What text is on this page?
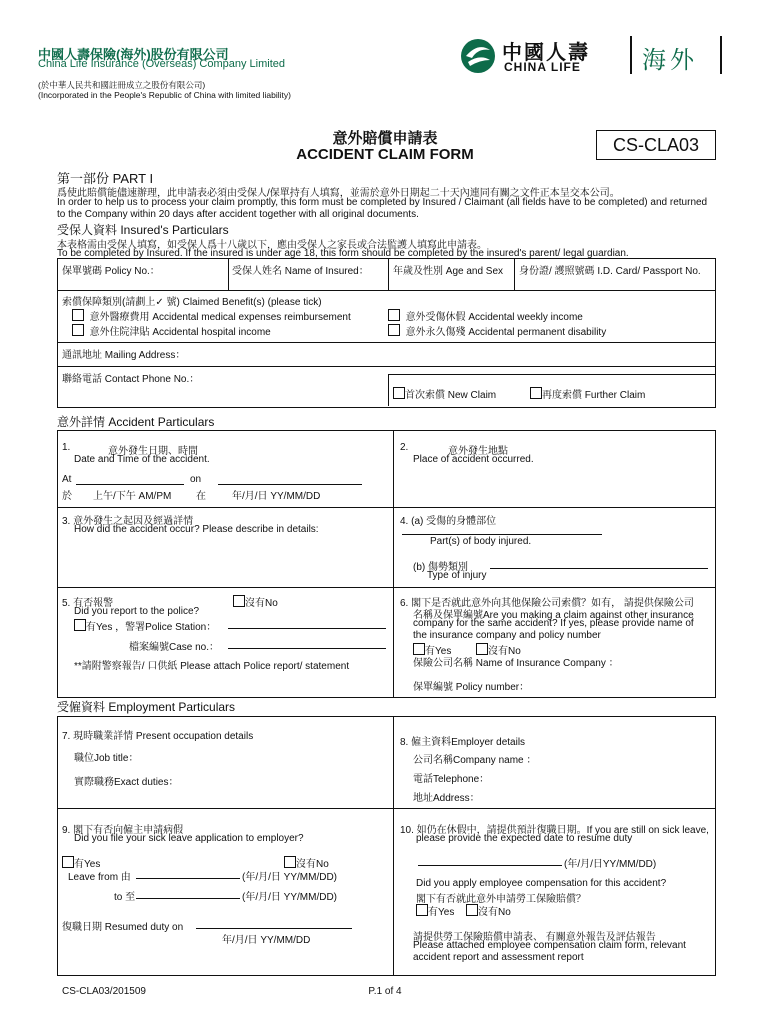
中國人壽保險(海外)股份有限公司
China Life Insurance (Overseas) Company Limited
(於中華人民共和國註冊成立之股份有限公司)
(Incorporated in the People's Republic of China with limited liability)
中國人壽
CHINA LIFE	海外
意外賠償申請表
ACCIDENT CLAIM FORM	CS-CLA03
第一部份 PART I
爲使此賠償能儘速辦理，此申請表必須由受保人/保單持有人填寫，並需於意外日期起二十天內連同有關之文件正本呈交本公司。
In order to help us to process your claim promptly, this form must be completed by Insured / Claimant (all fields have to be completed) and returned
to the Company within 20 days after accident together with all original documents.
受保人資料 Insured's Particulars
本表格需由受保人填寫，如受保人爲十八歲以下，應由受保人之家長或合法監護人填寫此申請表。
To be completed by Insured. If the insured is under age 18, this form should be completed by the insured's parent/ legal guardian.
保單號碼 Policy No.：	受保人姓名 Name of Insured： 年歲及性別 Age and Sex 身份證/ 護照號碼 I.D. Card/ Passport No.
索償保障類別(請劃上✓ 號) Claimed Benefit(s) (please tick)
意外醫療費用 Accidental medical expenses reimbursement
意外住院津貼 Accidental hospital income
意外受傷休假 Accidental weekly income
意外永久傷殘 Accidental permanent disability
通訊地址 Mailing Address：
聯絡電話 Contact Phone No.：
首次索償 New Claim	再度索償 Further Claim
意外詳情 Accident Particulars
1.	意外發生日期、時間
Date and Time of the accident.
At	on
於 上午/下午 AM/PM 在	年/月/日 YY/MM/DD
2.	意外發生地點
Place of accident occurred.
3. 意外發生之起因及經過詳情
How did the accident occur? Please describe in details:
4. (a) 受傷的身體部位
Part(s) of body injured.
(b) 傷勢類別
Type of injury
5. 有否報警	沒有No
Did you report to the police?
有Yes ，警署Police Station：
檔案編號Case no.：
**請附警察報告/ 口供紙 Please attach Police report/ statement
6. 閣下是否就此意外向其他保險公司索償？如有， 請提供保險公司
名稱及保單編號Are you making a claim against other insurance
company for the same accident? If yes, please provide name of
the insurance company and policy number
有Yes	沒有No
保險公司名稱 Name of Insurance Company ：
保單編號 Policy number：
受僱資料 Employment Particulars
7. 現時職業詳情 Present occupation details
職位Job title：
實際職務Exact duties：
8. 僱主資料Employer details
公司名稱Company name ：
電話Telephone：
地址Address：
9. 閣下有否向僱主申請病假
Did you file your sick leave application to employer?
有Yes	沒有No
Leave from 由	(年/月/日 YY/MM/DD)
to 至	(年/月/日 YY/MM/DD)
復職日期 Resumed duty on
年/月/日 YY/MM/DD
10. 如仍在休假中，請提供預計復職日期。If you are still on sick leave,
please provide the expected date to resume duty
(年/月/日YY/MM/DD)
Did you apply employee compensation for this accident?
閣下有否就此意外申請勞工保險賠償？
有Yes	沒有No
請提供勞工保險賠償申請表、 有關意外報告及評估報告
Please attached employee compensation claim form, relevant
accident report and assessment report
CS-CLA03/201509	P.1 of 4
